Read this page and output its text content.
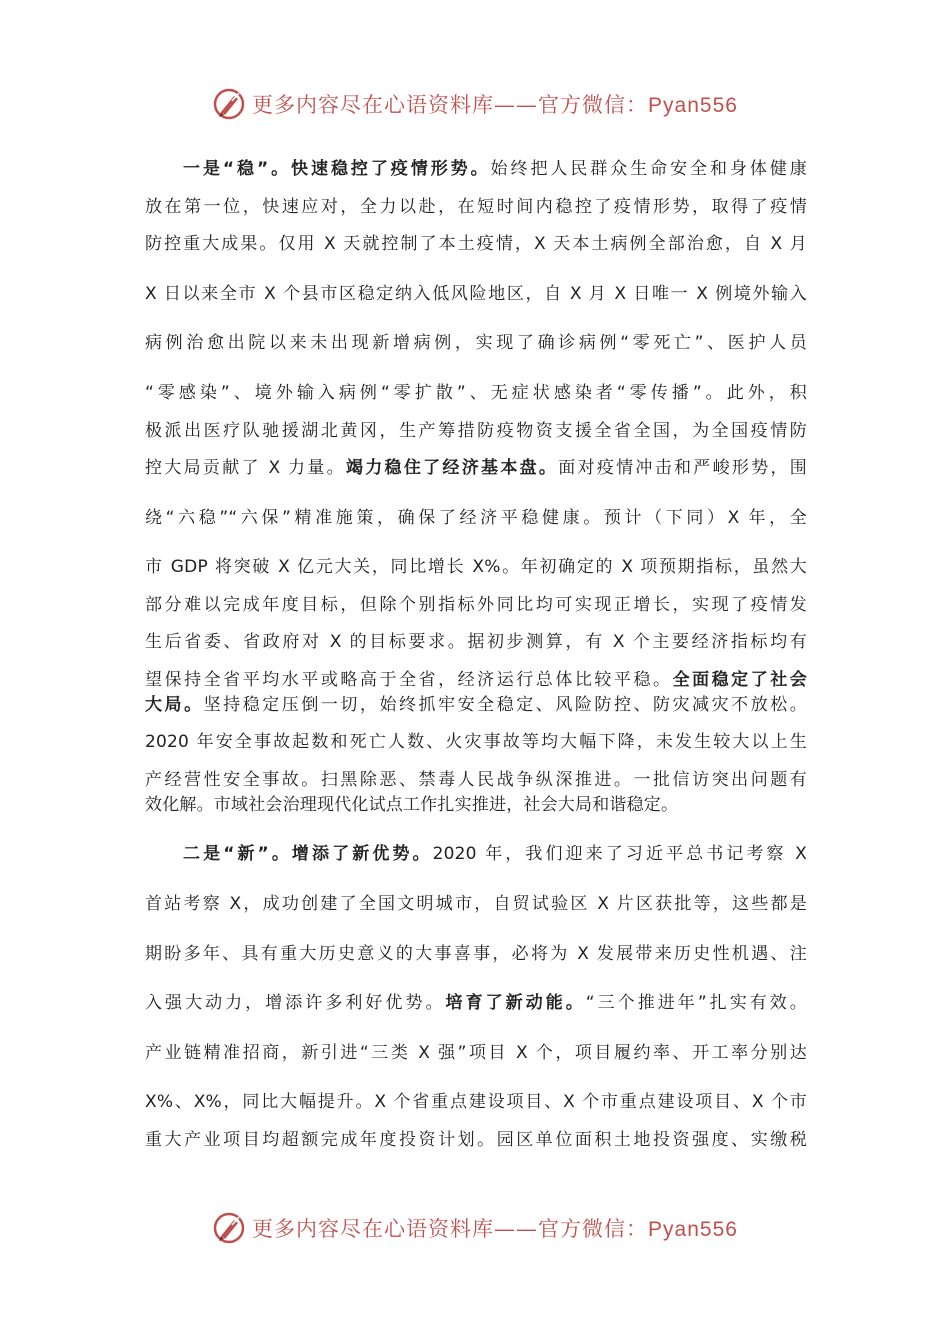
更多内容尽在心语资料库——官方微信：Pyan556
一是“稳”。快速稳控了疫情形势。始终把人民群众生命安全和身体健康
放在第一位，快速应对，全力以赴，在短时间内稳控了疫情形势，取得了疫情
防控重大成果。仅用 X 天就控制了本土疫情，X 天本土病例全部治愈，自 X 月
X 日以来全市 X 个县市区稳定纳入低风险地区，自 X 月 X 日唯一 X 例境外输入
病例治愈出院以来未出现新增病例，实现了确诊病例“零死亡”、医护人员
“零感染”、境外输入病例“零扩散”、无症状感染者“零传播”。此外，积
极派出医疗队驰援湖北黄冈，生产筹措防疫物资支援全省全国，为全国疫情防
控大局贡献了 X 力量。竭力稳住了经济基本盘。面对疫情冲击和严峻形势，围
绕“六稳”“六保”精准施策，确保了经济平稳健康。预计（下同）X 年，全
市 GDP 将突破 X 亿元大关，同比增长 X%。年初确定的 X 项预期指标，虽然大
部分难以完成年度目标，但除个别指标外同比均可实现正增长，实现了疫情发
生后省委、省政府对 X 的目标要求。据初步测算，有 X 个主要经济指标均有
望保持全省平均水平或略高于全省，经济运行总体比较平稳。全面稳定了社会
大局。坚持稳定压倒一切，始终抓牢安全稳定、风险防控、防灾减灾不放松。
2020 年安全事故起数和死亡人数、火灾事故等均大幅下降，未发生较大以上生
产经营性安全事故。扫黑除恶、禁毒人民战争纵深推进。一批信访突出问题有
效化解。市域社会治理现代化试点工作扎实推进，社会大局和谐稳定。
二是“新”。增添了新优势。2020 年，我们迎来了习近平总书记考察 X
首站考察 X，成功创建了全国文明城市，自贸试验区 X 片区获批等，这些都是
期盼多年、具有重大历史意义的大事喜事，必将为 X 发展带来历史性机遇、注
入强大动力，增添许多利好优势。培育了新动能。“三个推进年”扎实有效。
产业链精准招商，新引进“三类 X 强”项目 X 个，项目履约率、开工率分别达
X%、X%，同比大幅提升。X 个省重点建设项目、X 个市重点建设项目、X 个市
重大产业项目均超额完成年度投资计划。园区单位面积土地投资强度、实缴税
更多内容尽在心语资料库——官方微信：Pyan556
